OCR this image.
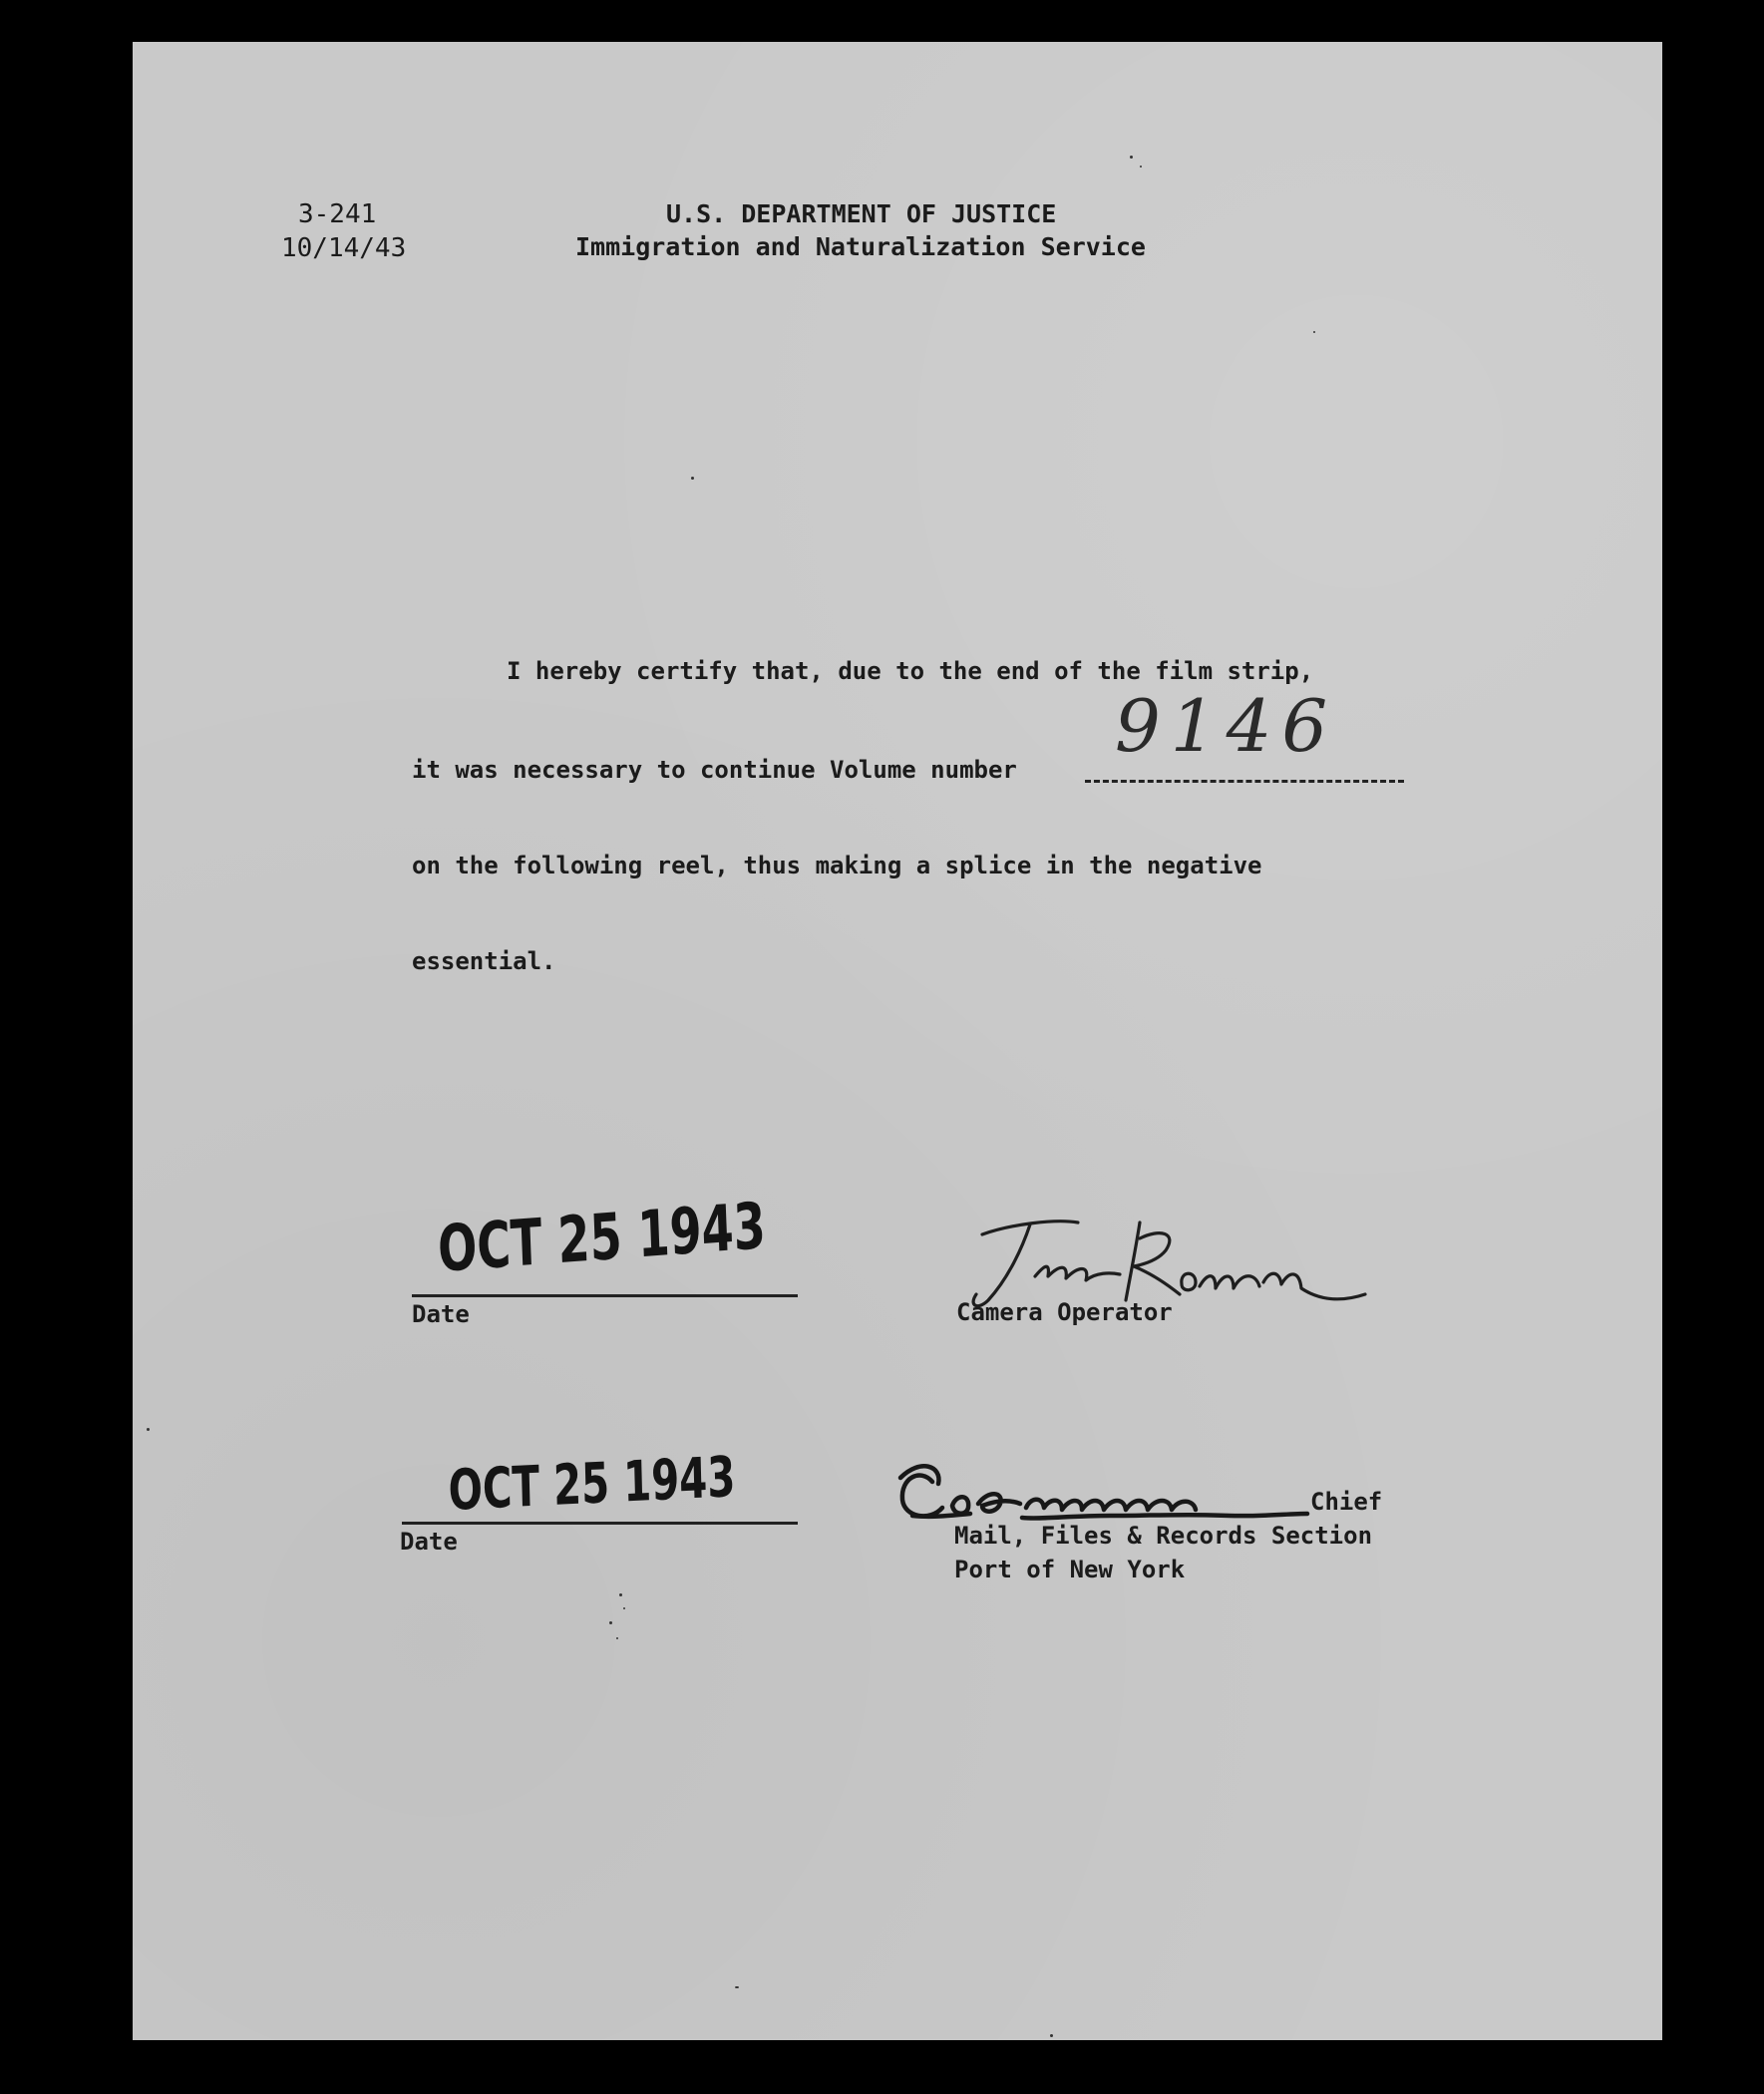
3-241
10/14/43
U.S. DEPARTMENT OF JUSTICE
Immigration and Naturalization Service
I hereby certify that, due to the end of the film strip,
it was necessary to continue Volume number
9146
on the following reel, thus making a splice in the negative
essential.
OCT 25 1943
Date	Camera Operator
OCT 25 1943
Date
Chief
Mail, Files & Records Section
Port of New York
